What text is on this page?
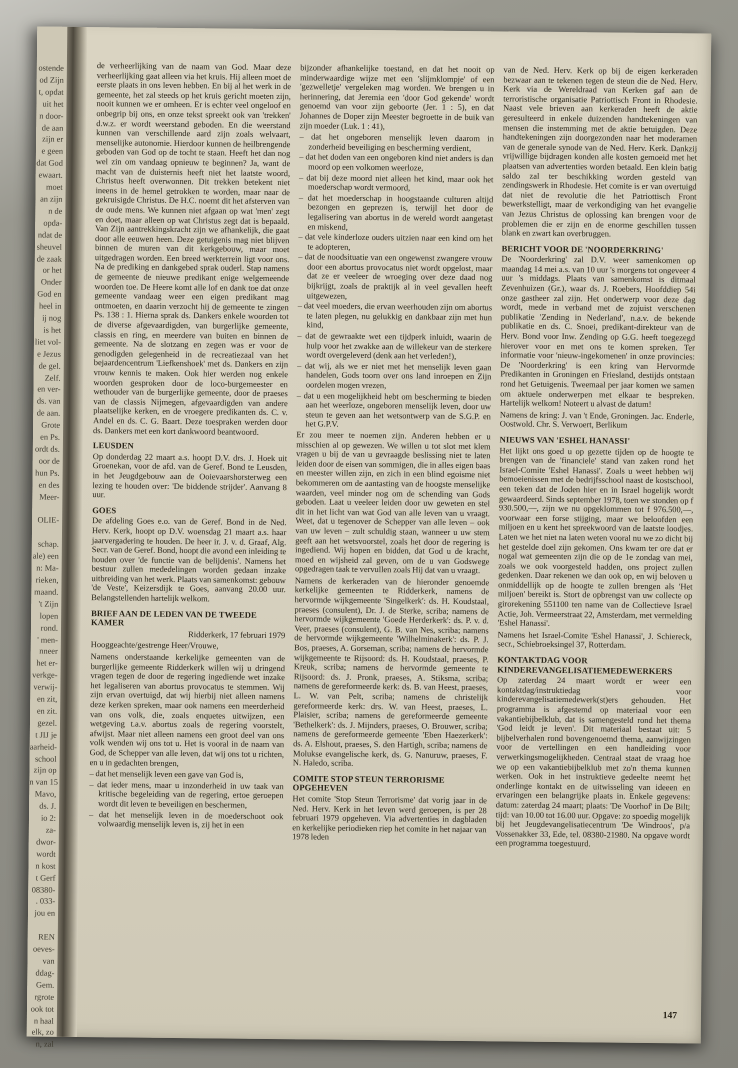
ostende
od Zijn
t, opdat
uit het
n door-
de aan
zijn er
e geen
dat God
ewaart.
moet
an zijn
n de
opda-
ndat de
sheuvel
de zaak
or het
Onder
God en
heel in
ij nog
is het
liet vol-
e Jezus
de gel.
Zelf.
en ver-
ds. van
de aan.
Grote
en Ps.
ordt ds.
oor de
hun Ps.
en des
Meer-

OLIE-

schap.
ale) een
n: Ma-
rieken,
maand.
't Zijn
lopen
rond.
' men-
nneer
het er-
verkge-
verwij-
en zit,
en zit.
gezel.
t JIJ je
aarheid-
school
zijn op
n van 15
Mavo,
ds. J.
io 2:
za-
dwor-
wordt
n kost
t Gerf
08380-
. 033-
jou en

REN
oeves-
van
ddag-
Gem.
rgrote
ook tot
n haal
elk, zo
n, zal
de verheerlijking van de naam van God. Maar deze verheerlijking gaat alleen via het kruis. Hij alleen moet de eerste plaats in ons leven hebben. En bij al het werk in de gemeente, het zal steeds op het kruis gericht moeten zijn, nooit kunnen we er omheen. Er is echter veel ongeloof en onbegrip bij ons, en onze tekst spreekt ook van 'trekken' d.w.z. er wordt weerstand geboden. En die weerstand kunnen van verschillende aard zijn zoals welvaart, menselijke autonomie. Hierdoor kunnen de heilbrengende geboden van God op de tocht te staan. Heeft het dan nog wel zin om vandaag opnieuw te beginnen? Ja, want de macht van de duisternis heeft niet het laatste woord, Christus heeft overwonnen. Dit trekken betekent niet ineens in de hemel getrokken te worden, maar naar de gekruisigde Christus. De H.C. noemt dit het afsterven van de oude mens. We kunnen niet afgaan op wat 'men' zegt en doet, maar alleen op wat Christus zegt dat is bepaald. Van Zijn aantrekkingskracht zijn we afhankelijk, die gaat door alle eeuwen heen. Deze getuigenis mag niet blijven binnen de muren van dit kerkgebouw, maar moet uitgedragen worden. Een breed werkterrein ligt voor ons. Na de prediking en dankgebed sprak ouderl. Stap namens de gemeente de nieuwe predikant enige welgemeende woorden toe. De Heere komt alle lof en dank toe dat onze gemeente vandaag weer een eigen predikant mag ontmoeten, en daarin verzocht hij de gemeente te zingen Ps. 138 : 1. Hierna sprak ds. Dankers enkele woorden tot de diverse afgevaardigden, van burgerlijke gemeente, classis en ring, en meerdere van buiten en binnen de gemeente. Na de slotzang en zegen was er voor de genodigden gelegenheid in de recreatiezaal van het bejaardencentrum 'Liefkenshoek' met ds. Dankers en zijn vrouw kennis te maken. Ook hier werden nog enkele woorden gesproken door de loco-burgemeester en wethouder van de burgerlijke gemeente, door de praeses van de classis Nijmegen, afgevaardigden van andere plaatselijke kerken, en de vroegere predikanten ds. C. v. Andel en ds. C. G. Baart. Deze toespraken werden door ds. Dankers met een kort dankwoord beantwoord.
LEUSDEN
Op donderdag 22 maart a.s. hoopt D.V. drs. J. Hoek uit Groenekan, voor de afd. van de Geref. Bond te Leusden, in het Jeugdgebouw aan de Ooievaarshorsterweg een lezing te houden over: 'De biddende strijder'. Aanvang 8 uur.
GOES
De afdeling Goes e.o. van de Geref. Bond in de Ned. Herv. Kerk, hoopt op D.V. woensdag 21 maart a.s. haar jaarvergadering te houden. De heer ir. J. v. d. Graaf, Alg. Secr. van de Geref. Bond, hoopt die avond een inleiding te houden over 'de functie van de belijdenis'. Namens het bestuur zullen mededelingen worden gedaan inzake uitbreiding van het werk. Plaats van samenkomst: gebouw 'de Veste', Keizersdijk te Goes, aanvang 20.00 uur. Belangstellenden hartelijk welkom.
BRIEF AAN DE LEDEN VAN DE TWEEDE KAMER
Ridderkerk, 17 februari 1979
Hooggeachte/gestrenge Heer/Vrouwe,
Namens onderstaande kerkelijke gemeenten van de burgerlijke gemeente Ridderkerk willen wij u dringend vragen tegen de door de regering ingediende wet inzake het legaliseren van abortus provocatus te stemmen. Wij zijn ervan overtuigd, dat wij hierbij niet alleen namens deze kerken spreken, maar ook namens een meerderheid van ons volk, die, zoals enquetes uitwijzen, een wetgeving t.a.v. abortus zoals de regering voorstelt, afwijst. Maar niet alleen namens een groot deel van ons volk wenden wij ons tot u. Het is vooral in de naam van God, de Schepper van alle leven, dat wij ons tot u richten, en u in gedachten brengen,
– dat het menselijk leven een gave van God is,
– dat ieder mens, maar u inzonderheid in uw taak van kritische begeleiding van de regering, ertoe geroepen wordt dit leven te beveiligen en beschermen,
– dat het menselijk leven in de moederschoot ook volwaardig menselijk leven is, zij het in een
bijzonder afhankelijke toestand, en dat het nooit op minderwaardige wijze met een 'slijmklompje' of een 'gezwelletje' vergeleken mag worden. We brengen u in herinnering, dat Jeremia een 'door God gekende' wordt genoemd van voor zijn geboorte (Jer. 1 : 5), en dat Johannes de Doper zijn Meester begroette in de buik van zijn moeder (Luk. 1 : 41),
– dat het ongeboren menselijk leven daarom in zonderheid beveiliging en bescherming verdient,
– dat het doden van een ongeboren kind niet anders is dan moord op een volkomen weerloze,
– dat bij deze moord niet alleen het kind, maar ook het moederschap wordt vermoord,
– dat het moederschap in hoogstaande culturen altijd bezongen en geprezen is, terwijl het door de legalisering van abortus in de wereld wordt aangetast en miskend,
– dat vele kinderloze ouders uitzien naar een kind om het te adopteren,
– dat de noodsituatie van een ongewenst zwangere vrouw door een abortus provocatus niet wordt opgelost, maar dat ze er veeleer de wroeging over deze daad nog bijkrijgt, zoals de praktijk al in veel gevallen heeft uitgewezen,
– dat veel moeders, die ervan weerhouden zijn om abortus te laten plegen, nu gelukkig en dankbaar zijn met hun kind,
– dat de gewraakte wet een tijdperk inluidt, waarin de hulp voor het zwakke aan de willekeur van de sterkere wordt overgeleverd (denk aan het verleden!),
– dat wij, als we er niet met het menselijk leven gaan handelen, Gods toorn over ons land inroepen en Zijn oordelen mogen vrezen,
– dat u een mogelijkheid hebt om bescherming te bieden aan het weerloze, ongeboren menselijk leven, door uw steun te geven aan het wetsontwerp van de S.G.P. en het G.P.V.
Er zou meer te noemen zijn. Anderen hebben er u misschien al op gewezen. We willen u tot slot met klem vragen u bij de van u gevraagde beslissing niet te laten leiden door de eisen van sommigen, die in alles eigen baas en meester willen zijn, en zich in een blind egoisme niet bekommeren om de aantasting van de hoogste menselijke waarden, veel minder nog om de schending van Gods geboden. Laat u veeleer leiden door uw geweten en stel dit in het licht van wat God van alle leven van u vraagt. Weet, dat u tegenover de Schepper van alle leven – ook van uw leven – zult schuldig staan, wanneer u uw stem geeft aan het wetsvoorstel, zoals het door de regering is ingediend. Wij hopen en bidden, dat God u de kracht, moed en wijsheid zal geven, om de u van Godswege opgedragen taak te vervullen zoals Hij dat van u vraagt.
Namens de kerkeraden van de hieronder genoemde kerkelijke gemeenten te Ridderkerk, namens de hervormde wijkgemeente 'Singelkerk': ds. H. Koudstaal, praeses (consulent), Dr. J. de Sterke, scriba; namens de hervormde wijkgemeente 'Goede Herderkerk': ds. P. v. d. Veer, praeses (consulent), G. B. van Nes, scriba; namens de hervormde wijkgemeente 'Wilhelminakerk': ds. P. J. Bos, praeses, A. Gorseman, scriba; namens de hervormde wijkgemeente te Rijsoord: ds. H. Koudstaal, praeses, P. Kreuk, scriba; namens de hervormde gemeente te Rijsoord: ds. J. Pronk, praeses, A. Stiksma, scriba; namens de gereformeerde kerk: ds. B. van Heest, praeses, L. W. van Pelt, scriba; namens de christelijk gereformeerde kerk: drs. W. van Heest, praeses, L. Plaisier, scriba; namens de gereformeerde gemeente 'Bethelkerk': ds. J. Mijnders, praeses, O. Brouwer, scriba; namens de gereformeerde gemeente 'Eben Haezerkerk': ds. A. Elshout, praeses, S. den Hartigh, scriba; namens de Molukse evangelische kerk, ds. G. Nanuruw, praeses, F. N. Haledo, scriba.
COMITE STOP STEUN TERRORISME OPGEHEVEN
Het comite 'Stop Steun Terrorisme' dat vorig jaar in de Ned. Herv. Kerk in het leven werd geroepen, is per 28 februari 1979 opgeheven. Via advertenties in dagbladen en kerkelijke periodieken riep het comite in het najaar van 1978 leden
van de Ned. Herv. Kerk op bij de eigen kerkeraden bezwaar aan te tekenen tegen de steun die de Ned. Herv. Kerk via de Wereldraad van Kerken gaf aan de terroristische organisatie Patriottisch Front in Rhodesie. Naast vele brieven aan kerkeraden heeft de aktie geresulteerd in enkele duizenden handtekeningen van mensen die instemming met de aktie betuigden. Deze handtekeningen zijn doorgezonden naar het moderamen van de generale synode van de Ned. Herv. Kerk. Dankzij vrijwillige bijdragen konden alle kosten gemoeid met het plaatsen van advertenties worden betaald. Een klein batig saldo zal ter beschikking worden gesteld van zendingswerk in Rhodesie. Het comite is er van overtuigd dat niet de revolutie die het Patriottisch Front bewerkstelligt, maar de verkondiging van het evangelie van Jezus Christus de oplossing kan brengen voor de problemen die er zijn en de enorme geschillen tussen blank en zwart kan overbruggen.
BERICHT VOOR DE 'NOORDERKRING'
De 'Noorderkring' zal D.V. weer samenkomen op maandag 14 mei a.s. van 10 uur 's morgens tot ongeveer 4 uur 's middags. Plaats van samenkomst is ditmaal Zevenhuizen (Gr.), waar ds. J. Roebers, Hoofddiep 54i onze gastheer zal zijn. Het onderwerp voor deze dag wordt, mede in verband met de zojuist verschenen publikatie 'Zending in Nederland', n.a.v. de bekende publikatie en ds. C. Snoei, predikant-direkteur van de Herv. Bond voor Inw. Zending op G.G. heeft toegezegd hierover voor en met ons te komen spreken. Ter informatie voor 'nieuw-ingekomenen' in onze provincies: De 'Noorderkring' is een kring van Hervormde Predikanten in Groningen en Friesland, destijds ontstaan rond het Getuigenis. Tweemaal per jaar komen we samen om aktuele onderwerpen met elkaar te bespreken. Hartelijk welkom! Noteert u alvast de datum!
Namens de kring: J. van 't Ende, Groningen. Jac. Enderle, Oostwold. Chr. S. Verwoert, Berlikum
NIEUWS VAN 'ESHEL HANASSI'
Het lijkt ons goed u op gezette tijden op de hoogte te brengen van de 'financiele' stand van zaken rond het Israel-Comite 'Eshel Hanassi'. Zoals u weet hebben wij bemoeienissen met de bedrijfsschool naast de kostschool, een teken dat de Joden hier en in Israel hogelijk wordt gewaardeerd. Sinds september 1978, toen we stonden op f 930.500,—, zijn we nu opgeklommen tot f 976.500,—, voorwaar een forse stijging, maar we beloofden een miljoen en u kent het spreekwoord van de laatste loodjes. Laten we het niet na laten weten vooral nu we zo dicht bij het gestelde doel zijn gekomen. Ons kwam ter ore dat er nogal wat gemeenten zijn die op de 1e zondag van mei, zoals we ook voorgesteld hadden, ons project zullen gedenken. Daar rekenen we dan ook op, en wij beloven u onmiddellijk op de hoogte te zullen brengen als 'Het miljoen' bereikt is. Stort de opbrengst van uw collecte op girorekening 551100 ten name van de Collectieve Israel Actie, Joh. Vermeerstraat 22, Amsterdam, met vermelding 'Eshel Hanassi'.
Namens het Israel-Comite 'Eshel Hanassi', J. Schiereck, secr., Schiebroeksingel 37, Rotterdam.
KONTAKTDAG VOOR KINDEREVANGELISATIEMEDEWERKERS
Op zaterdag 24 maart wordt er weer een kontaktdag/instruktiedag voor kinderevangelisatiemedewerk(st)ers gehouden. Het programma is afgestemd op materiaal voor een vakantiebijbelklub, dat is samengesteld rond het thema 'God leidt je leven'. Dit materiaal bestaat uit: 5 bijbelverhalen rond bovengenoemd thema, aanwijzingen voor de vertellingen en een handleiding voor verwerkingsmogelijkheden. Centraal staat de vraag hoe we op een vakantiebijbelklub met zo'n thema kunnen werken. Ook in het instruktieve gedeelte neemt het onderlinge kontakt en de uitwisseling van ideeen en ervaringen een belangrijke plaats in. Enkele gegevens: datum: zaterdag 24 maart; plaats: 'De Voorhof' in De Bilt; tijd: van 10.00 tot 16.00 uur. Opgave: zo spoedig mogelijk bij het Jeugdevangelisatiecentrum 'De Windroos', p/a Vossenakker 33, Ede, tel. 08380-21980. Na opgave wordt een programma toegestuurd.
147
